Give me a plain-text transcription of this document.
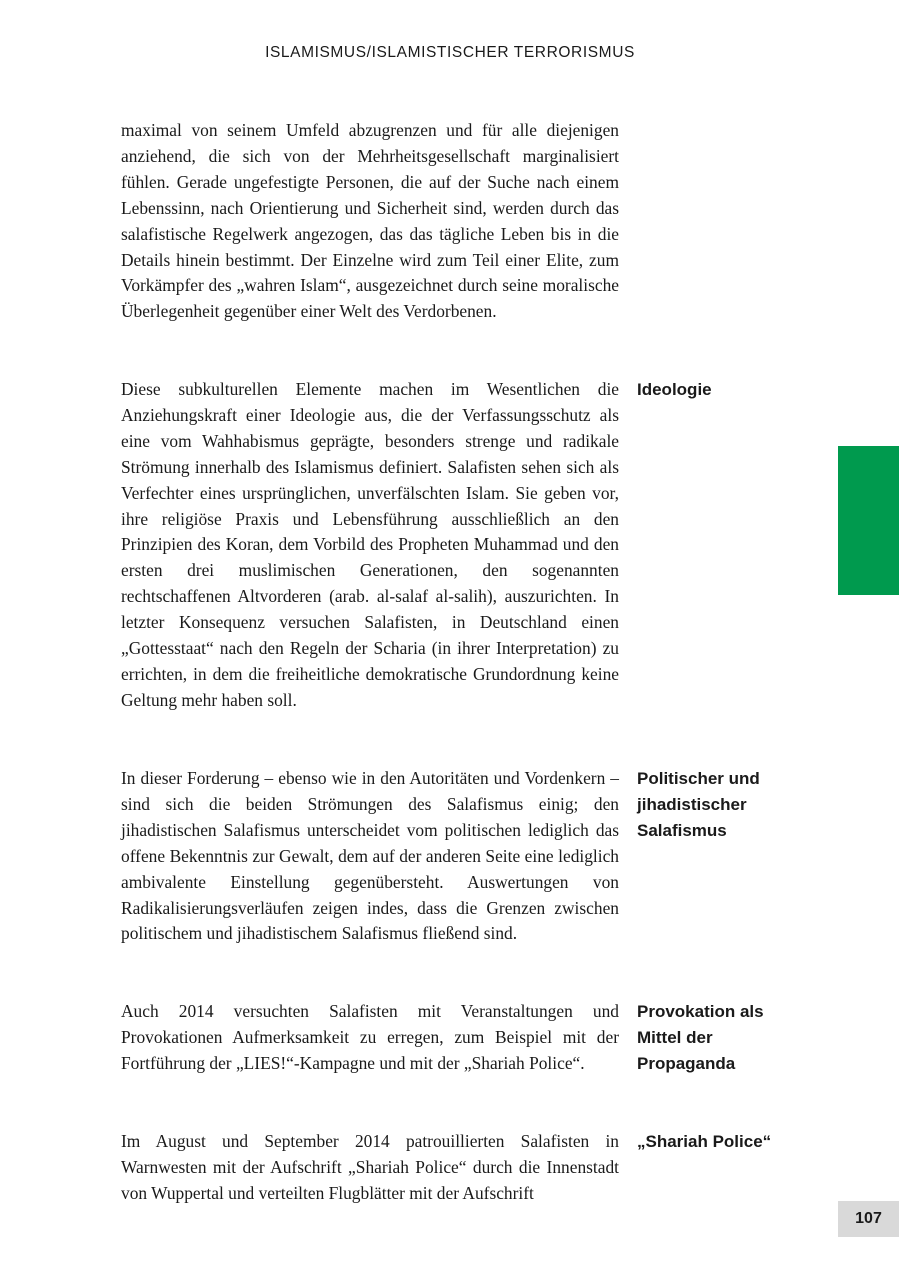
ISLAMISMUS/ISLAMISTISCHER TERRORISMUS

maximal von seinem Umfeld abzugrenzen und für alle diejenigen anziehend, die sich von der Mehrheitsgesellschaft marginalisiert fühlen. Gerade ungefestigte Personen, die auf der Suche nach einem Lebenssinn, nach Orientierung und Sicherheit sind, werden durch das salafistische Regelwerk angezogen, das das tägliche Leben bis in die Details hinein bestimmt. Der Einzelne wird zum Teil einer Elite, zum Vorkämpfer des „wahren Islam“, ausgezeichnet durch seine moralische Überlegenheit gegenüber einer Welt des Verdorbenen.

Diese subkulturellen Elemente machen im Wesentlichen die Anziehungskraft einer Ideologie aus, die der Verfassungsschutz als eine vom Wahhabismus geprägte, besonders strenge und radikale Strömung innerhalb des Islamismus definiert. Salafisten sehen sich als Verfechter eines ursprünglichen, unverfälschten Islam. Sie geben vor, ihre religiöse Praxis und Lebensführung ausschließlich an den Prinzipien des Koran, dem Vorbild des Propheten Muhammad und den ersten drei muslimischen Generationen, den sogenannten rechtschaffenen Altvorderen (arab. al-salaf al-salih), auszurichten. In letzter Konsequenz versuchen Salafisten, in Deutschland einen „Gottesstaat“ nach den Regeln der Scharia (in ihrer Interpretation) zu errichten, in dem die freiheitliche demokratische Grundordnung keine Geltung mehr haben soll.

Ideologie

In dieser Forderung – ebenso wie in den Autoritäten und Vordenkern – sind sich die beiden Strömungen des Salafismus einig; den jihadistischen Salafismus unterscheidet vom politischen lediglich das offene Bekenntnis zur Gewalt, dem auf der anderen Seite eine lediglich ambivalente Einstellung gegenübersteht. Auswertungen von Radikalisierungsverläufen zeigen indes, dass die Grenzen zwischen politischem und jihadistischem Salafismus fließend sind.

Politischer und jihadistischer Salafismus

Auch 2014 versuchten Salafisten mit Veranstaltungen und Provokationen Aufmerksamkeit zu erregen, zum Beispiel mit der Fortführung der „LIES!“-Kampagne und mit der „Shariah Police“.

Provokation als Mittel der Propaganda

Im August und September 2014 patrouillierten Salafisten in Warnwesten mit der Aufschrift „Shariah Police“ durch die Innenstadt von Wuppertal und verteilten Flugblätter mit der Aufschrift

„Shariah Police“
107
